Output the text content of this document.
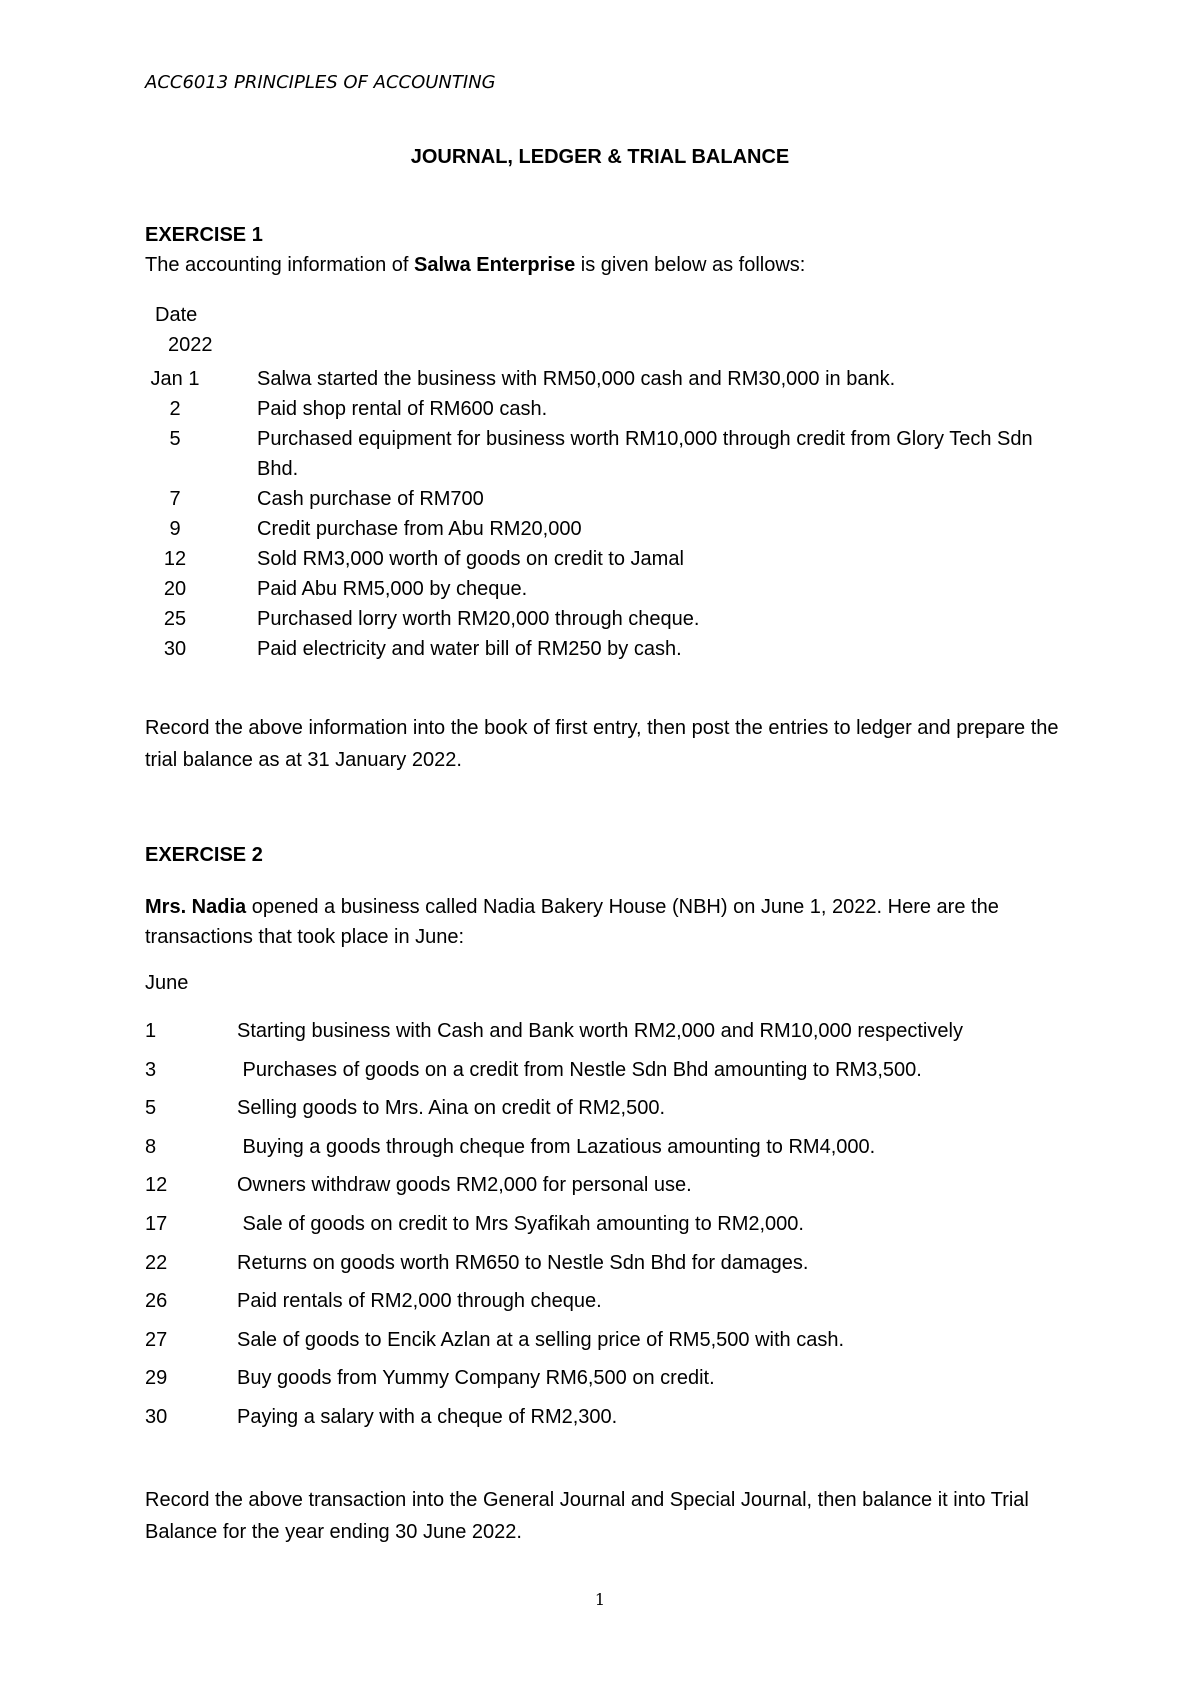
ACC6013 PRINCIPLES OF ACCOUNTING
JOURNAL, LEDGER & TRIAL BALANCE
EXERCISE 1
The accounting information of Salwa Enterprise is given below as follows:
Date
2022
Jan 1	Salwa started the business with RM50,000 cash and RM30,000 in bank.
2	Paid shop rental of RM600 cash.
5	Purchased equipment for business worth RM10,000 through credit from Glory Tech Sdn Bhd.
7	Cash purchase of RM700
9	Credit purchase from Abu RM20,000
12	Sold RM3,000 worth of goods on credit to Jamal
20	Paid Abu RM5,000 by cheque.
25	Purchased lorry worth RM20,000 through cheque.
30	Paid electricity and water bill of RM250 by cash.
Record the above information into the book of first entry, then post the entries to ledger and prepare the trial balance as at 31 January 2022.
EXERCISE 2
Mrs. Nadia opened a business called Nadia Bakery House (NBH) on June 1, 2022. Here are the transactions that took place in June:
June
1	Starting business with Cash and Bank worth RM2,000 and RM10,000 respectively
3	Purchases of goods on a credit from Nestle Sdn Bhd amounting to RM3,500.
5	Selling goods to Mrs. Aina on credit of RM2,500.
8	Buying a goods through cheque from Lazatious amounting to RM4,000.
12	Owners withdraw goods RM2,000 for personal use.
17	Sale of goods on credit to Mrs Syafikah amounting to RM2,000.
22	Returns on goods worth RM650 to Nestle Sdn Bhd for damages.
26	Paid rentals of RM2,000 through cheque.
27	Sale of goods to Encik Azlan at a selling price of RM5,500 with cash.
29	Buy goods from Yummy Company RM6,500 on credit.
30	Paying a salary with a cheque of RM2,300.
Record the above transaction into the General Journal and Special Journal, then balance it into Trial Balance for the year ending 30 June 2022.
1
